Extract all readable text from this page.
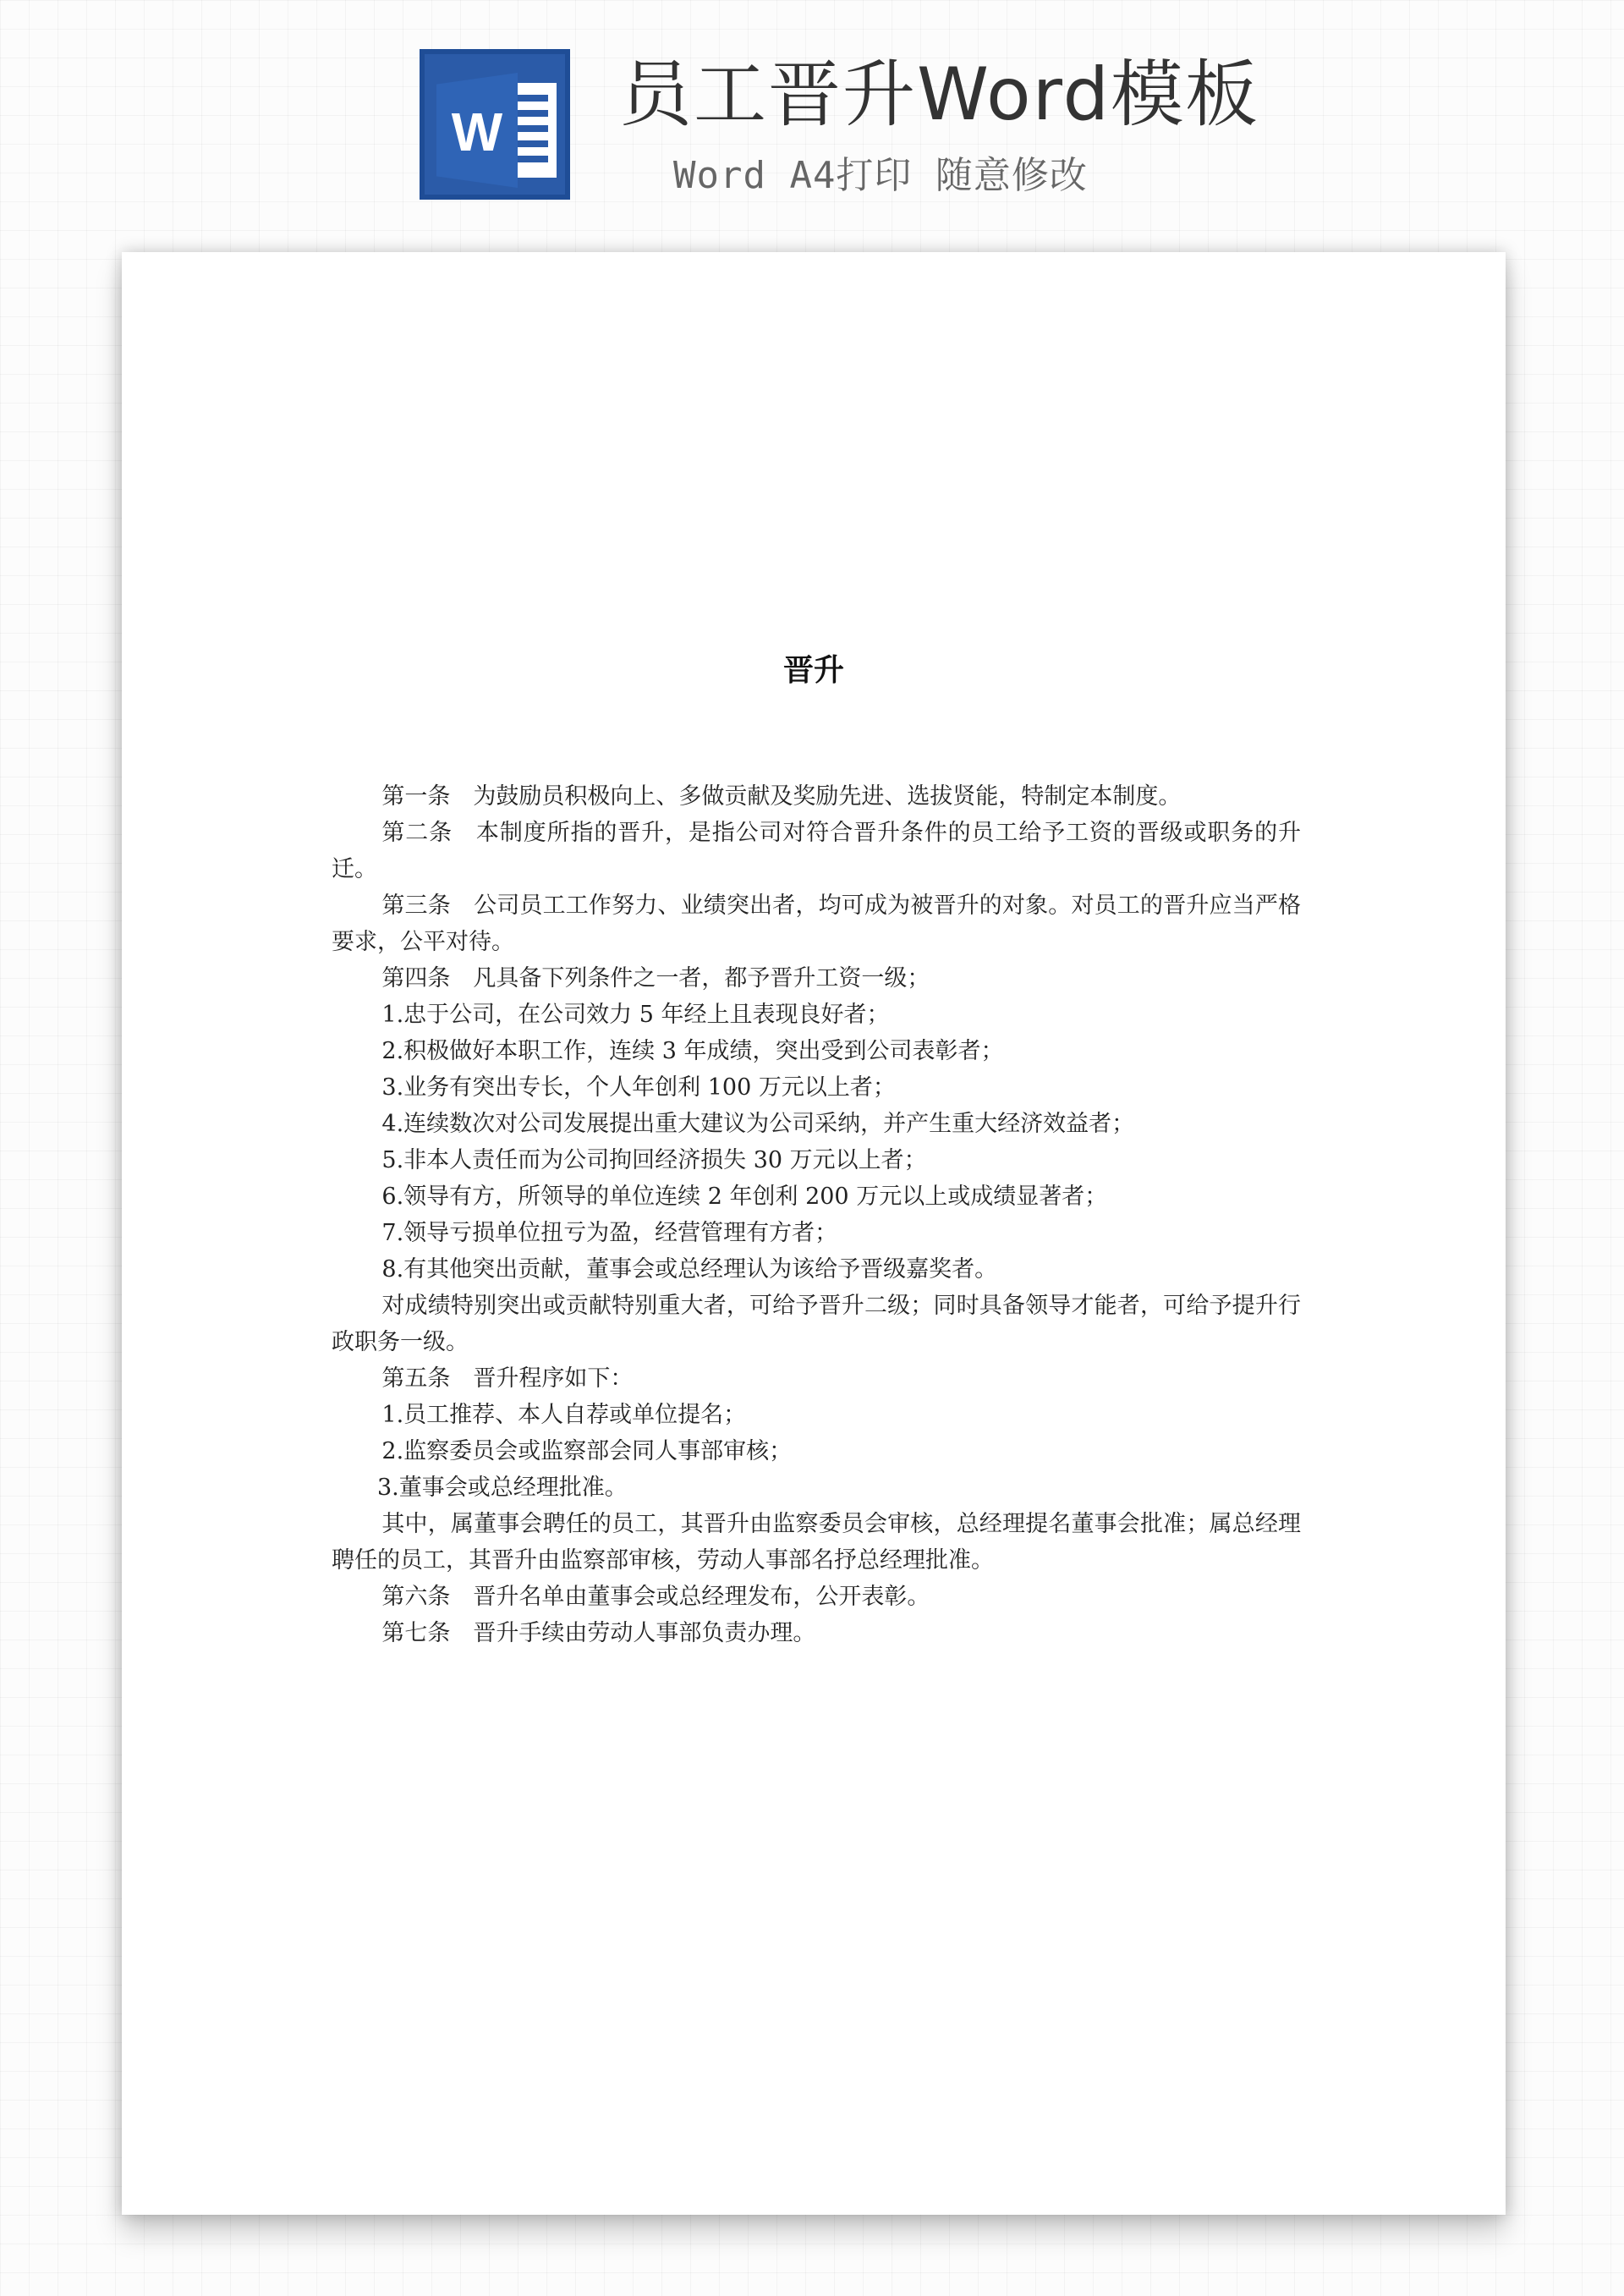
W 员工晋升Word模板
Word A4打印 随意修改
晋升

第一条　为鼓励员积极向上、多做贡献及奖励先进、选拔贤能，特制定本制度。

第二条　本制度所指的晋升，是指公司对符合晋升条件的员工给予工资的晋级或职务的升迁。

第三条　公司员工工作努力、业绩突出者，均可成为被晋升的对象。对员工的晋升应当严格要求，公平对待。

第四条　凡具备下列条件之一者，都予晋升工资一级；

1.忠于公司，在公司效力 5 年经上且表现良好者；

2.积极做好本职工作，连续 3 年成绩，突出受到公司表彰者；

3.业务有突出专长，个人年创利 100 万元以上者；

4.连续数次对公司发展提出重大建议为公司采纳，并产生重大经济效益者；

5.非本人责任而为公司拘回经济损失 30 万元以上者；

6.领导有方，所领导的单位连续 2 年创利 200 万元以上或成绩显著者；

7.领导亏损单位扭亏为盈，经营管理有方者；

8.有其他突出贡献，董事会或总经理认为该给予晋级嘉奖者。

对成绩特别突出或贡献特别重大者，可给予晋升二级；同时具备领导才能者，可给予提升行政职务一级。

第五条　晋升程序如下：

1.员工推荐、本人自荐或单位提名；

2.监察委员会或监察部会同人事部审核；

3.董事会或总经理批准。

其中，属董事会聘任的员工，其晋升由监察委员会审核，总经理提名董事会批准；属总经理聘任的员工，其晋升由监察部审核，劳动人事部名抒总经理批准。

第六条　晋升名单由董事会或总经理发布，公开表彰。

第七条　晋升手续由劳动人事部负责办理。
